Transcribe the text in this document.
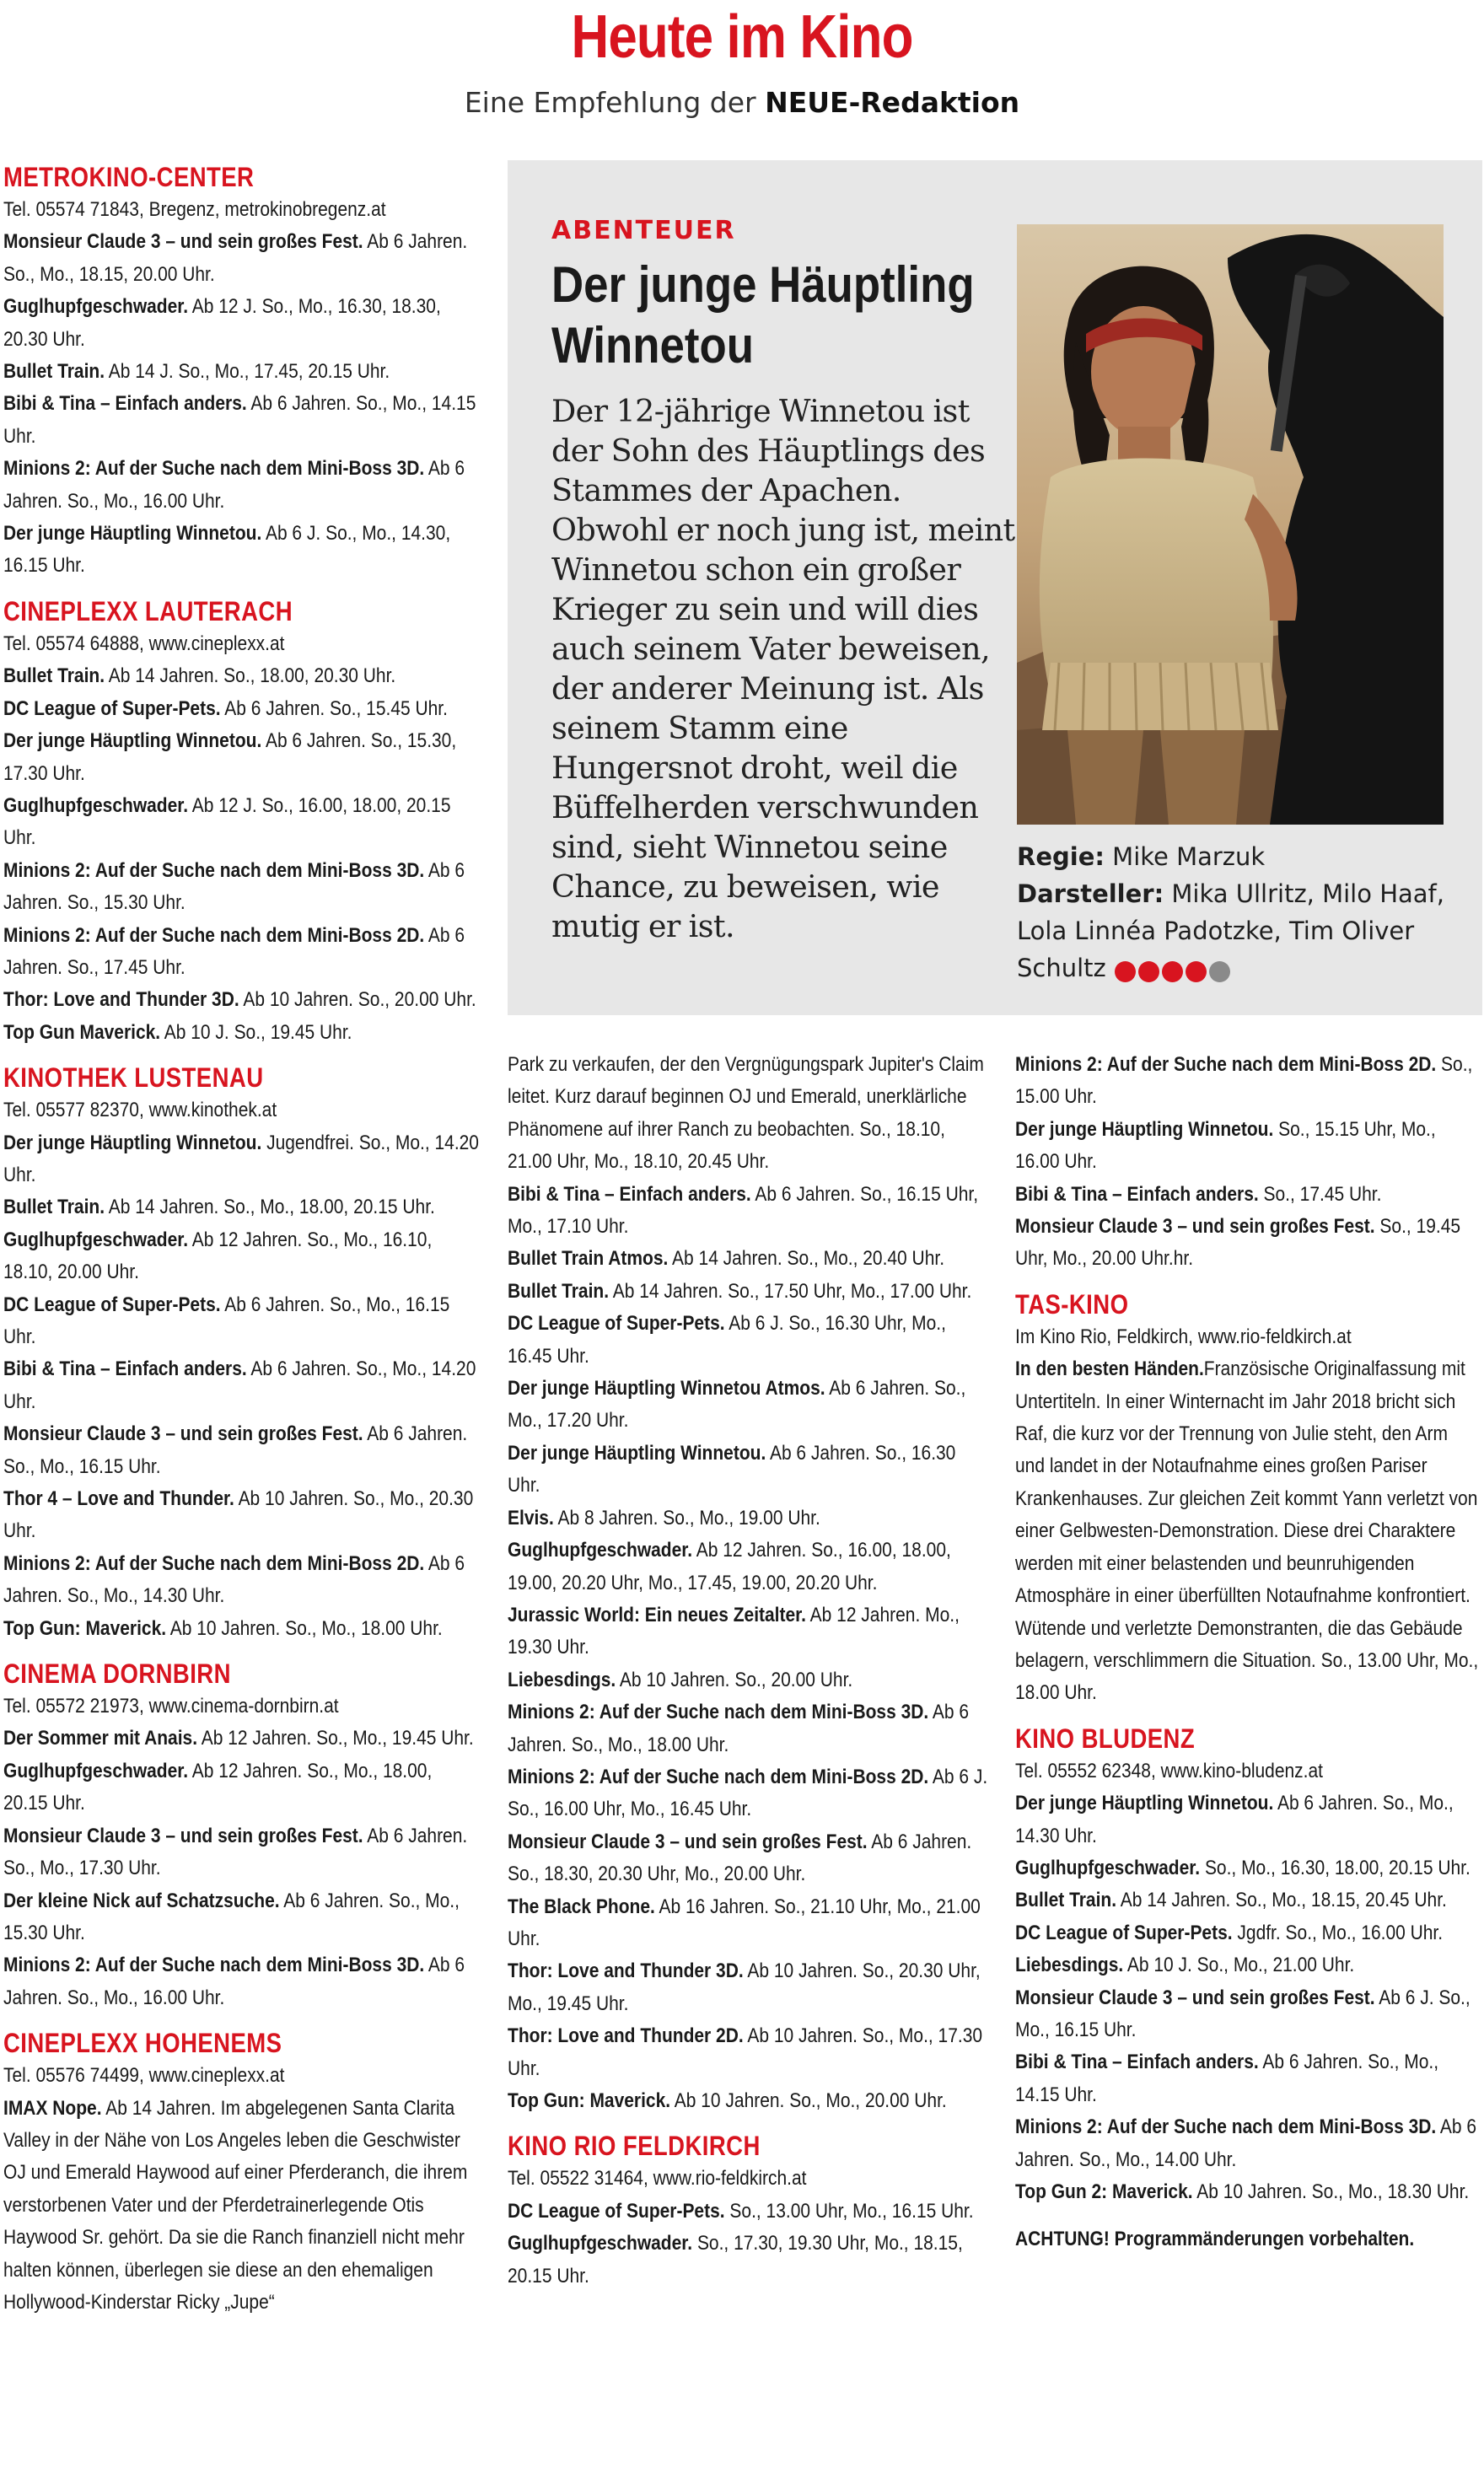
Heute im Kino
Eine Empfehlung der NEUE-Redaktion
METROKINO-CENTER
Tel. 05574 71843, Bregenz, metrokinobregenz.at
Monsieur Claude 3 – und sein großes Fest. Ab 6 Jahren. So., Mo., 18.15, 20.00 Uhr.
Guglhupfgeschwader. Ab 12 J. So., Mo., 16.30, 18.30, 20.30 Uhr.
Bullet Train. Ab 14 J. So., Mo., 17.45, 20.15 Uhr.
Bibi & Tina – Einfach anders. Ab 6 Jahren. So., Mo., 14.15 Uhr.
Minions 2: Auf der Suche nach dem Mini-Boss 3D. Ab 6 Jahren. So., Mo., 16.00 Uhr.
Der junge Häuptling Winnetou. Ab 6 J. So., Mo., 14.30, 16.15 Uhr.
CINEPLEXX LAUTERACH
Tel. 05574 64888, www.cineplexx.at
Bullet Train. Ab 14 Jahren. So., 18.00, 20.30 Uhr.
DC League of Super-Pets. Ab 6 Jahren. So., 15.45 Uhr.
Der junge Häuptling Winnetou. Ab 6 Jahren. So., 15.30, 17.30 Uhr.
Guglhupfgeschwader. Ab 12 J. So., 16.00, 18.00, 20.15 Uhr.
Minions 2: Auf der Suche nach dem Mini-Boss 3D. Ab 6 Jahren. So., 15.30 Uhr.
Minions 2: Auf der Suche nach dem Mini-Boss 2D. Ab 6 Jahren. So., 17.45 Uhr.
Thor: Love and Thunder 3D. Ab 10 Jahren. So., 20.00 Uhr.
Top Gun Maverick. Ab 10 J. So., 19.45 Uhr.
KINOTHEK LUSTENAU
Tel. 05577 82370, www.kinothek.at
Der junge Häuptling Winnetou. Jugendfrei. So., Mo., 14.20 Uhr.
Bullet Train. Ab 14 Jahren. So., Mo., 18.00, 20.15 Uhr.
Guglhupfgeschwader. Ab 12 Jahren. So., Mo., 16.10, 18.10, 20.00 Uhr.
DC League of Super-Pets. Ab 6 Jahren. So., Mo., 16.15 Uhr.
Bibi & Tina – Einfach anders. Ab 6 Jahren. So., Mo., 14.20 Uhr.
Monsieur Claude 3 – und sein großes Fest. Ab 6 Jahren. So., Mo., 16.15 Uhr.
Thor 4 – Love and Thunder. Ab 10 Jahren. So., Mo., 20.30 Uhr.
Minions 2: Auf der Suche nach dem Mini-Boss 2D. Ab 6 Jahren. So., Mo., 14.30 Uhr.
Top Gun: Maverick. Ab 10 Jahren. So., Mo., 18.00 Uhr.
CINEMA DORNBIRN
Tel. 05572 21973, www.cinema-dornbirn.at
Der Sommer mit Anais. Ab 12 Jahren. So., Mo., 19.45 Uhr.
Guglhupfgeschwader. Ab 12 Jahren. So., Mo., 18.00, 20.15 Uhr.
Monsieur Claude 3 – und sein großes Fest. Ab 6 Jahren. So., Mo., 17.30 Uhr.
Der kleine Nick auf Schatzsuche. Ab 6 Jahren. So., Mo., 15.30 Uhr.
Minions 2: Auf der Suche nach dem Mini-Boss 3D. Ab 6 Jahren. So., Mo., 16.00 Uhr.
CINEPLEXX HOHENEMS
Tel. 05576 74499, www.cineplexx.at
IMAX Nope. Ab 14 Jahren. Im abgelegenen Santa Clarita Valley in der Nähe von Los Angeles leben die Geschwister OJ und Emerald Haywood auf einer Pferderanch, die ihrem verstorbenen Vater und der Pferdetrainerlegende Otis Haywood Sr. gehört. Da sie die Ranch finanziell nicht mehr halten können, überlegen sie diese an den ehemaligen Hollywood-Kinderstar Ricky „Jupe“
ABENTEUER
Der junge Häuptling Winnetou
Der 12-jährige Winnetou ist der Sohn des Häuptlings des Stammes der Apachen. Obwohl er noch jung ist, meint Winnetou schon ein großer Krieger zu sein und will dies auch seinem Vater beweisen, der anderer Meinung ist. Als seinem Stamm eine Hungersnot droht, weil die Büffelherden verschwunden sind, sieht Winnetou seine Chance, zu beweisen, wie mutig er ist.
Regie: Mike Marzuk
Darsteller: Mika Ullritz, Milo Haaf, Lola Linnéa Padotzke, Tim Oliver Schultz
Park zu verkaufen, der den Vergnügungspark Jupiter's Claim leitet. Kurz darauf beginnen OJ und Emerald, unerklärliche Phänomene auf ihrer Ranch zu beobachten. So., 18.10, 21.00 Uhr, Mo., 18.10, 20.45 Uhr.
Bibi & Tina – Einfach anders. Ab 6 Jahren. So., 16.15 Uhr, Mo., 17.10 Uhr.
Bullet Train Atmos. Ab 14 Jahren. So., Mo., 20.40 Uhr.
Bullet Train. Ab 14 Jahren. So., 17.50 Uhr, Mo., 17.00 Uhr.
DC League of Super-Pets. Ab 6 J. So., 16.30 Uhr, Mo., 16.45 Uhr.
Der junge Häuptling Winnetou Atmos. Ab 6 Jahren. So., Mo., 17.20 Uhr.
Der junge Häuptling Winnetou. Ab 6 Jahren. So., 16.30 Uhr.
Elvis. Ab 8 Jahren. So., Mo., 19.00 Uhr.
Guglhupfgeschwader. Ab 12 Jahren. So., 16.00, 18.00, 19.00, 20.20 Uhr, Mo., 17.45, 19.00, 20.20 Uhr.
Jurassic World: Ein neues Zeitalter. Ab 12 Jahren. Mo., 19.30 Uhr.
Liebesdings. Ab 10 Jahren. So., 20.00 Uhr.
Minions 2: Auf der Suche nach dem Mini-Boss 3D. Ab 6 Jahren. So., Mo., 18.00 Uhr.
Minions 2: Auf der Suche nach dem Mini-Boss 2D. Ab 6 J. So., 16.00 Uhr, Mo., 16.45 Uhr.
Monsieur Claude 3 – und sein großes Fest. Ab 6 Jahren. So., 18.30, 20.30 Uhr, Mo., 20.00 Uhr.
The Black Phone. Ab 16 Jahren. So., 21.10 Uhr, Mo., 21.00 Uhr.
Thor: Love and Thunder 3D. Ab 10 Jahren. So., 20.30 Uhr, Mo., 19.45 Uhr.
Thor: Love and Thunder 2D. Ab 10 Jahren. So., Mo., 17.30 Uhr.
Top Gun: Maverick. Ab 10 Jahren. So., Mo., 20.00 Uhr.
KINO RIO FELDKIRCH
Tel. 05522 31464, www.rio-feldkirch.at
DC League of Super-Pets. So., 13.00 Uhr, Mo., 16.15 Uhr.
Guglhupfgeschwader. So., 17.30, 19.30 Uhr, Mo., 18.15, 20.15 Uhr.
Minions 2: Auf der Suche nach dem Mini-Boss 2D. So., 15.00 Uhr.
Der junge Häuptling Winnetou. So., 15.15 Uhr, Mo., 16.00 Uhr.
Bibi & Tina – Einfach anders. So., 17.45 Uhr.
Monsieur Claude 3 – und sein großes Fest. So., 19.45 Uhr, Mo., 20.00 Uhr.hr.
TAS-KINO
Im Kino Rio, Feldkirch, www.rio-feldkirch.at
In den besten Händen.Französische Originalfassung mit Untertiteln. In einer Winternacht im Jahr 2018 bricht sich Raf, die kurz vor der Trennung von Julie steht, den Arm und landet in der Notaufnahme eines großen Pariser Krankenhauses. Zur gleichen Zeit kommt Yann verletzt von einer Gelbwesten-Demonstration. Diese drei Charaktere werden mit einer belastenden und beunruhigenden Atmosphäre in einer überfüllten Notaufnahme konfrontiert. Wütende und verletzte Demonstranten, die das Gebäude belagern, verschlimmern die Situation. So., 13.00 Uhr, Mo., 18.00 Uhr.
KINO BLUDENZ
Tel. 05552 62348, www.kino-bludenz.at
Der junge Häuptling Winnetou. Ab 6 Jahren. So., Mo., 14.30 Uhr.
Guglhupfgeschwader. So., Mo., 16.30, 18.00, 20.15 Uhr.
Bullet Train. Ab 14 Jahren. So., Mo., 18.15, 20.45 Uhr.
DC League of Super-Pets. Jgdfr. So., Mo., 16.00 Uhr.
Liebesdings. Ab 10 J. So., Mo., 21.00 Uhr.
Monsieur Claude 3 – und sein großes Fest. Ab 6 J. So., Mo., 16.15 Uhr.
Bibi & Tina – Einfach anders. Ab 6 Jahren. So., Mo., 14.15 Uhr.
Minions 2: Auf der Suche nach dem Mini-Boss 3D. Ab 6 Jahren. So., Mo., 14.00 Uhr.
Top Gun 2: Maverick. Ab 10 Jahren. So., Mo., 18.30 Uhr.
ACHTUNG! Programmänderungen vorbehalten.
